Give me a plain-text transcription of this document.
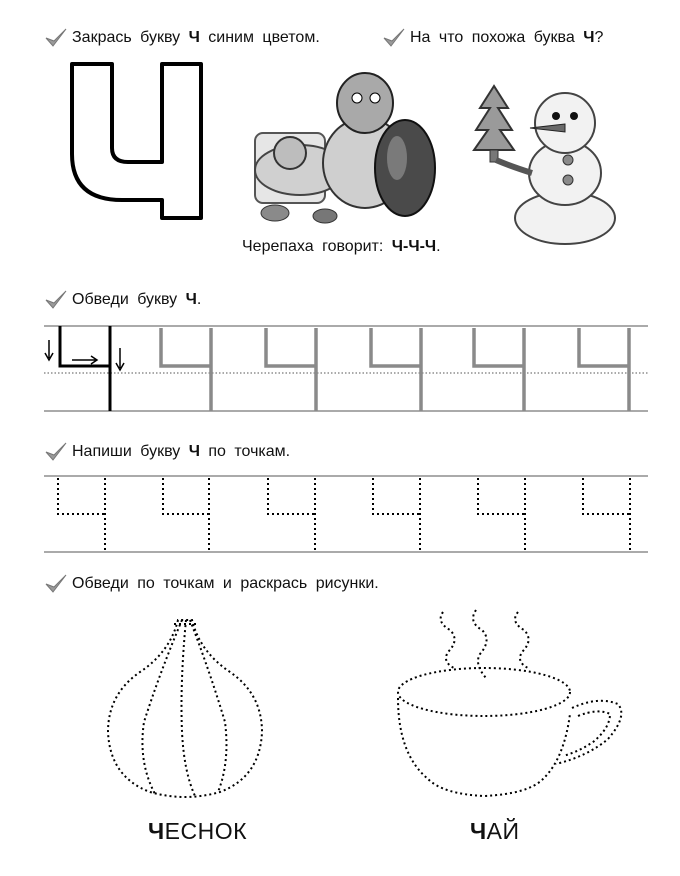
Закрась букву Ч синим цветом.	На что похожа буква Ч?
Черепаха говорит: Ч-Ч-Ч.
Обведи букву Ч.
Напиши букву Ч по точкам.
Обведи по точкам и раскрась рисунки.
ЧЕСНОК	ЧАЙ
